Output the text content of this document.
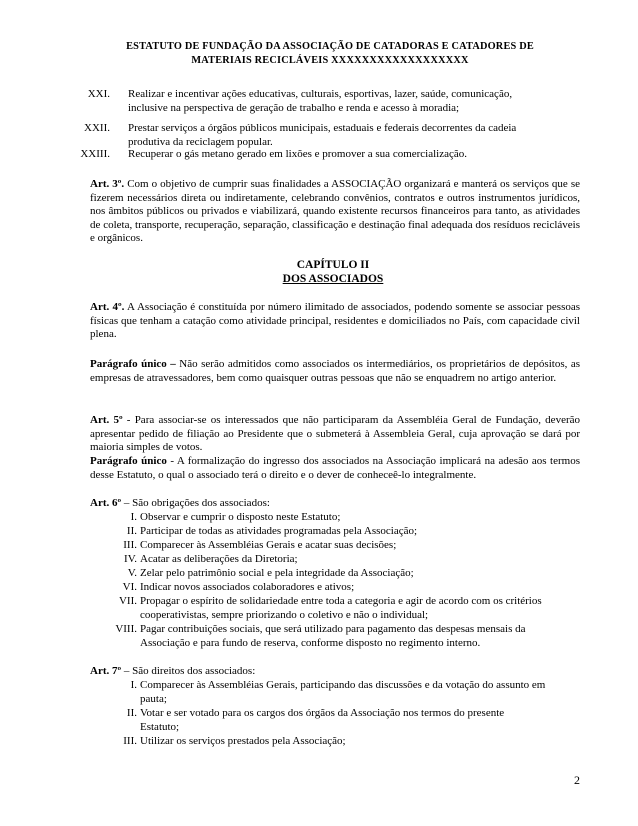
ESTATUTO DE FUNDAÇÃO DA ASSOCIAÇÃO DE CATADORAS E CATADORES DE
MATERIAIS RECICLÁVEIS XXXXXXXXXXXXXXXXXX
XXI. Realizar e incentivar ações educativas, culturais, esportivas, lazer, saúde, comunicação,

inclusive na perspectiva de geração de trabalho e renda e acesso à moradia;
XXII. Prestar serviços a órgãos públicos municipais, estaduais e federais decorrentes da cadeia

produtiva da reciclagem popular.
XXIII. Recuperar o gás metano gerado em lixões e promover a sua comercialização.
Art. 3º. Com o objetivo de cumprir suas finalidades a ASSOCIAÇÃO organizará e manterá os serviços que se fizerem necessários direta ou indiretamente, celebrando convênios, contratos e outros instrumentos jurídicos, nos âmbitos públicos ou privados e viabilizará, quando existente recursos financeiros para tanto, as atividades de coleta, transporte, recuperação, separação, classificação e destinação final adequada dos resíduos recicláveis e orgânicos.
CAPÍTULO II
DOS ASSOCIADOS
Art. 4º. A Associação é constituída por número ilimitado de associados, podendo somente se associar pessoas físicas que tenham a catação como atividade principal, residentes e domiciliados no País, com capacidade civil plena.
Parágrafo único – Não serão admitidos como associados os intermediários, os proprietários de depósitos, as empresas de atravessadores, bem como quaisquer outras pessoas que não se enquadrem no artigo anterior.
Art. 5º - Para associar-se os interessados que não participaram da Assembléia Geral de Fundação, deverão apresentar pedido de filiação ao Presidente que o submeterá à Assembleia Geral, cuja aprovação se dará por maioria simples de votos.
Parágrafo único - A formalização do ingresso dos associados na Associação implicará na adesão aos termos desse Estatuto, o qual o associado terá o direito e o dever de conheceê-lo integralmente.
Art. 6º – São obrigações dos associados:
I. Observar e cumprir o disposto neste Estatuto;
II. Participar de todas as atividades programadas pela Associação;
III. Comparecer às Assembléias Gerais e acatar suas decisões;
IV. Acatar as deliberações da Diretoria;
V. Zelar pelo patrimônio social e pela integridade da Associação;
VI. Indicar novos associados colaboradores e ativos;
VII. Propagar o espírito de solidariedade entre toda a categoria e agir de acordo com os critérios
cooperativistas, sempre priorizando o coletivo e não o individual;
VIII. Pagar contribuições sociais, que será utilizado para pagamento das despesas mensais da
Associação e para fundo de reserva, conforme disposto no regimento interno.
Art. 7º – São direitos dos associados:
I. Comparecer às Assembléias Gerais, participando das discussões e da votação do assunto em
pauta;
II. Votar e ser votado para os cargos dos órgãos da Associação nos termos do presente
Estatuto;
III. Utilizar os serviços prestados pela Associação;
2
